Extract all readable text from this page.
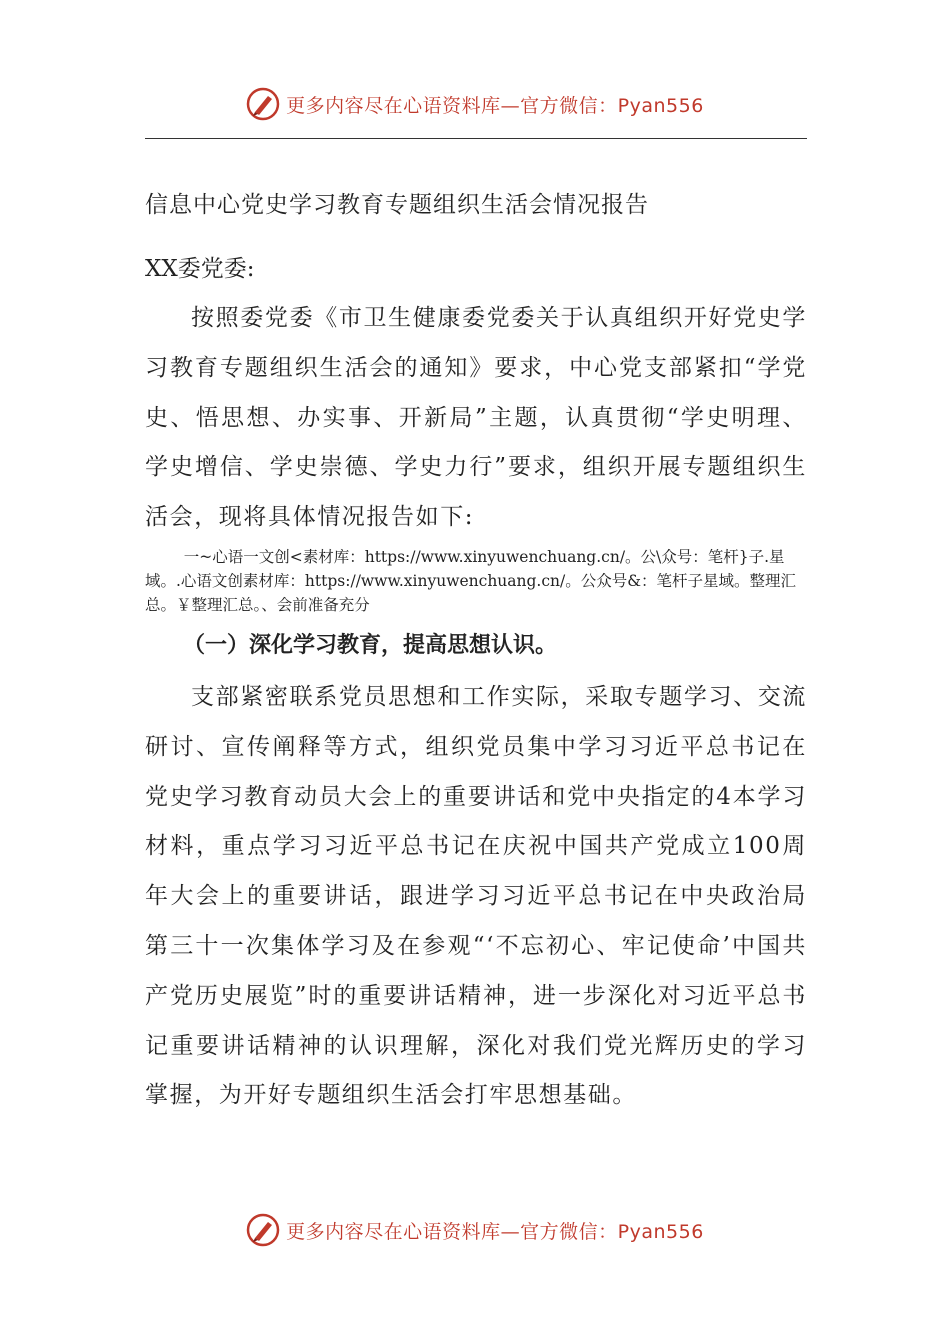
更多内容尽在心语资料库—官方微信：Pyan556

信息中心党史学习教育专题组织生活会情况报告

XX委党委:

按照委党委《市卫生健康委党委关于认真组织开好党史学习教育专题组织生活会的通知》要求，中心党支部紧扣“学党史、悟思想、办实事、开新局”主题，认真贯彻“学史明理、学史增信、学史崇德、学史力行”要求，组织开展专题组织生活会，现将具体情况报告如下:

一~心语一文创<素材库：https://www.xinyuwenchuang.cn/。公\众号：笔杆}子.星域。.心语文创素材库：https://www.xinyuwenchuang.cn/。公众号&：笔杆子星域。整理汇总。￥整理汇总。、会前准备充分

（一）深化学习教育，提高思想认识。

支部紧密联系党员思想和工作实际，采取专题学习、交流研讨、宣传阐释等方式，组织党员集中学习习近平总书记在党史学习教育动员大会上的重要讲话和党中央指定的4本学习材料，重点学习习近平总书记在庆祝中国共产党成立100周年大会上的重要讲话，跟进学习习近平总书记在中央政治局第三十一次集体学习及在参观“‘不忘初心、牢记使命’中国共产党历史展览”时的重要讲话精神，进一步深化对习近平总书记重要讲话精神的认识理解，深化对我们党光辉历史的学习掌握，为开好专题组织生活会打牢思想基础。

更多内容尽在心语资料库—官方微信：Pyan556
